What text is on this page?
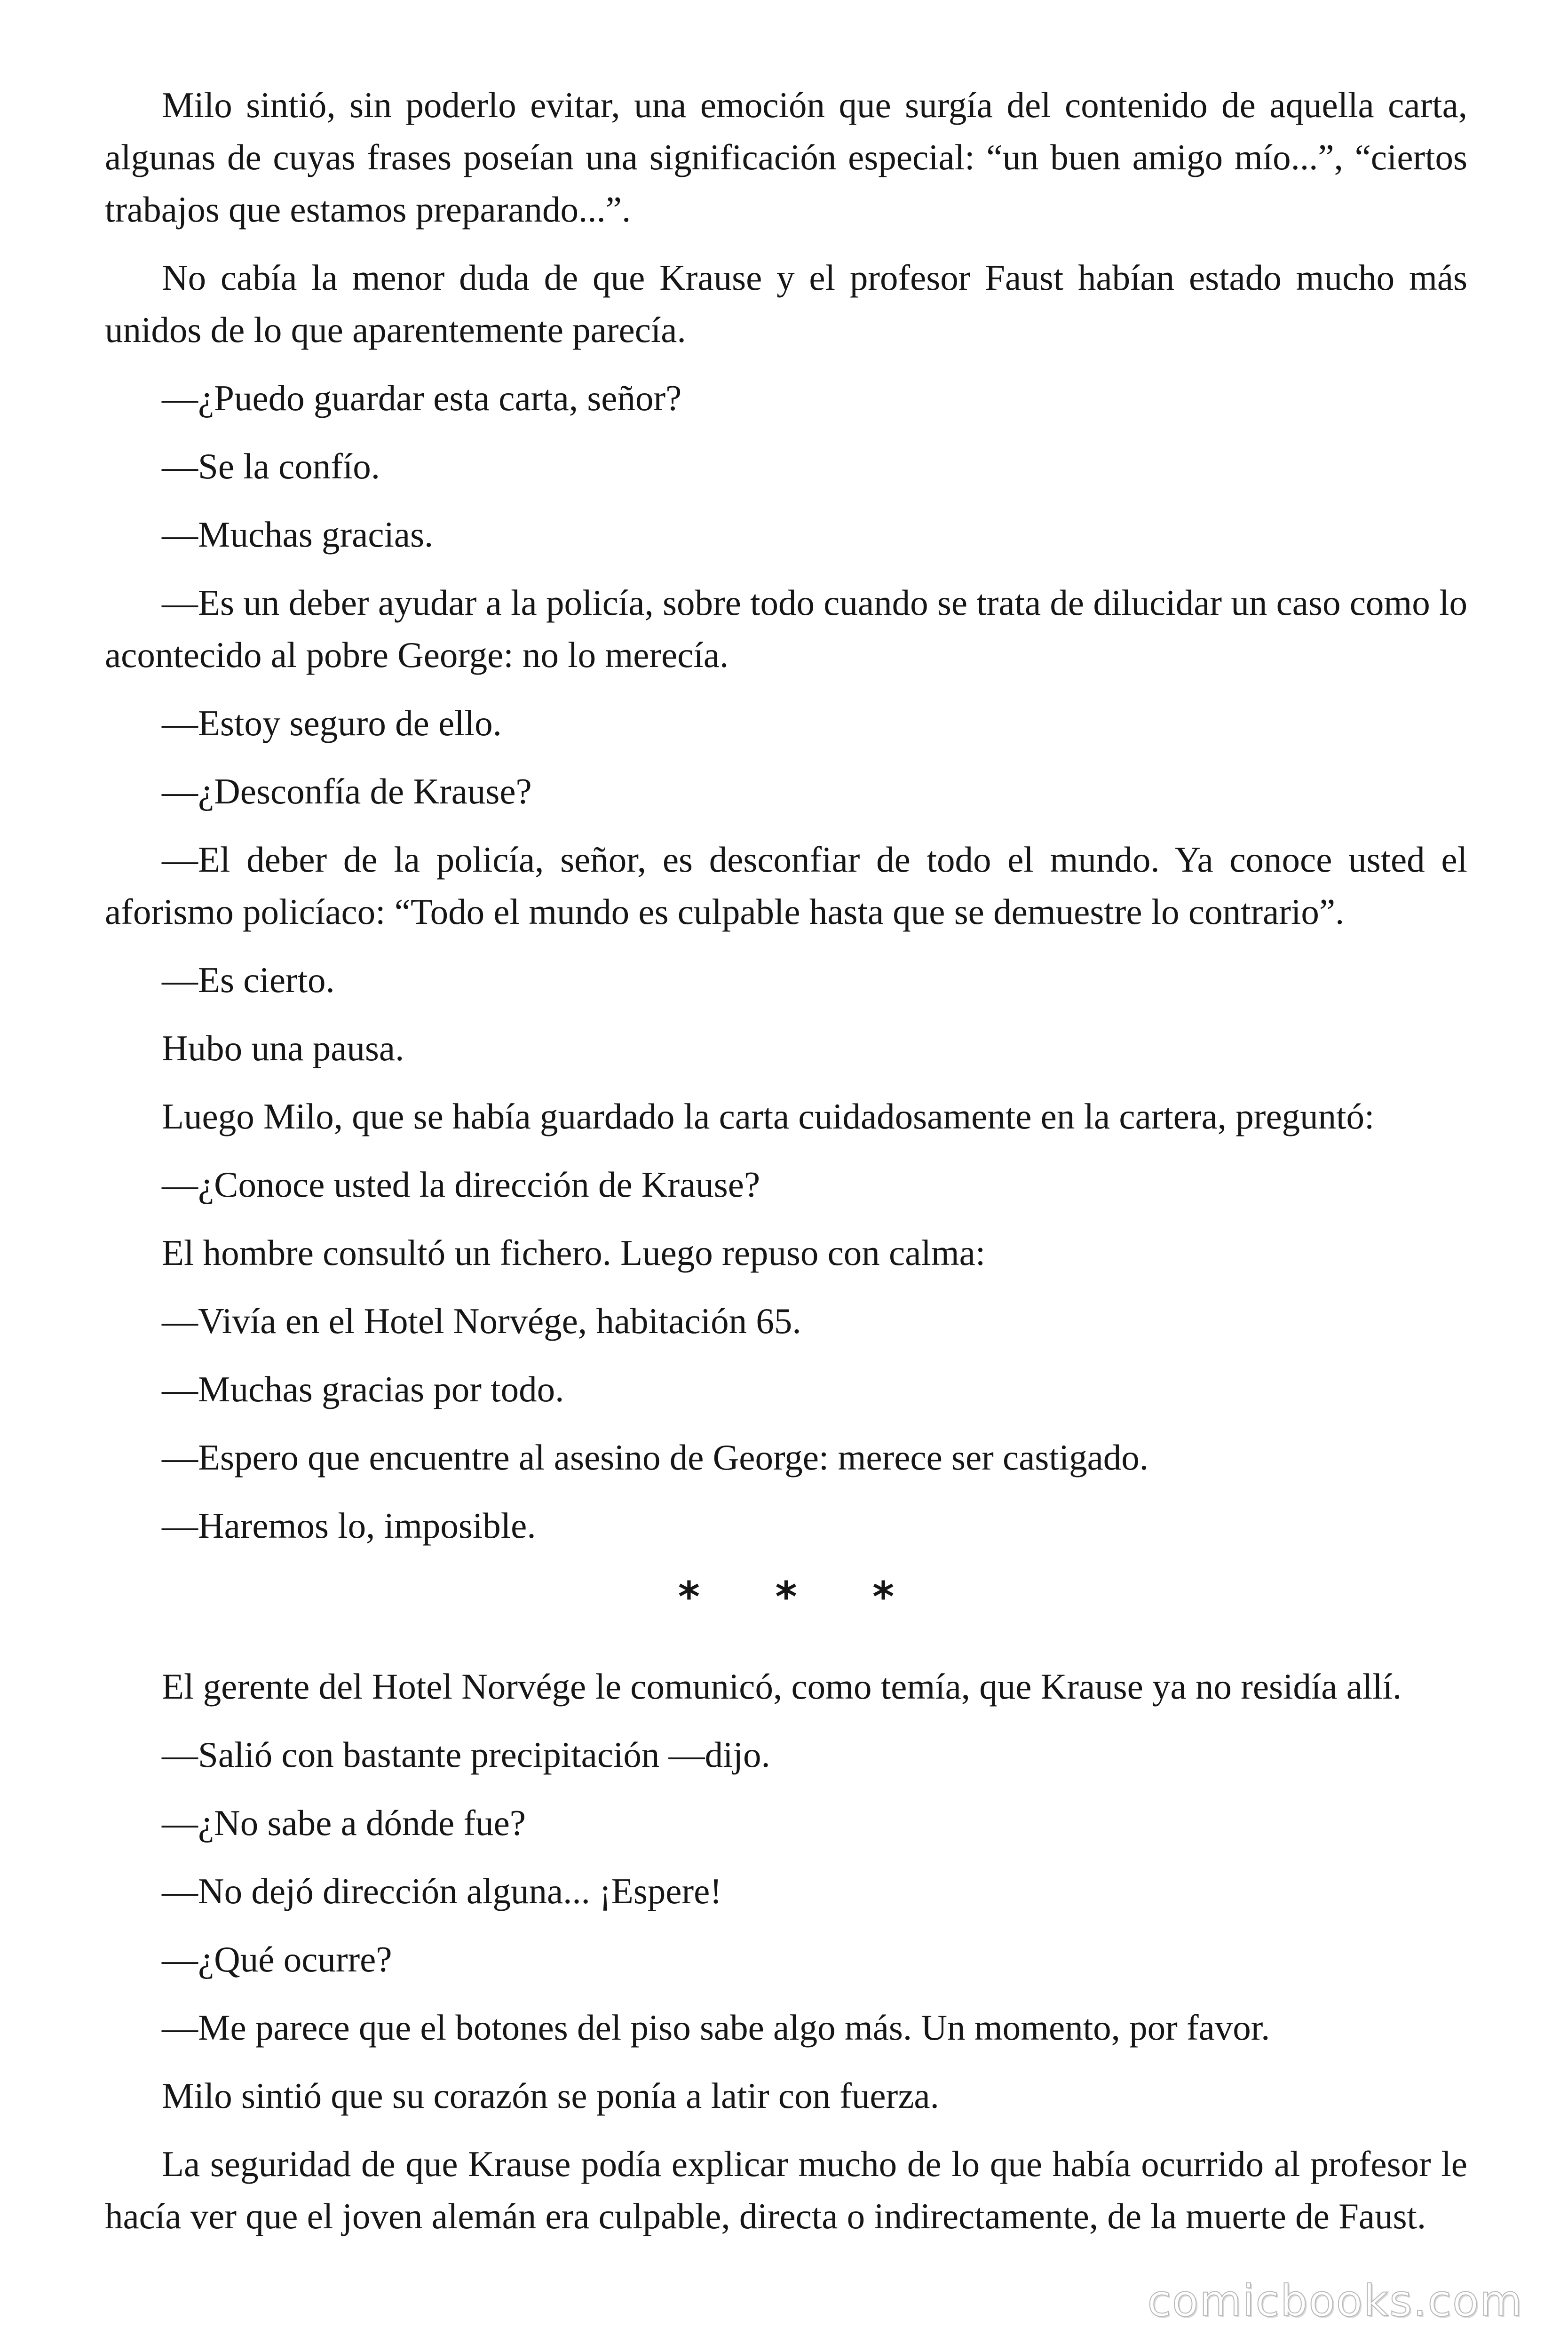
Milo sintió, sin poderlo evitar, una emoción que surgía del contenido de aquella carta, algunas de cuyas frases poseían una significación especial: “un buen amigo mío...”, “ciertos trabajos que estamos preparando...”.

No cabía la menor duda de que Krause y el profesor Faust habían estado mucho más unidos de lo que aparentemente parecía.

—¿Puedo guardar esta carta, señor?

—Se la confío.

—Muchas gracias.

—Es un deber ayudar a la policía, sobre todo cuando se trata de dilucidar un caso como lo acontecido al pobre George: no lo merecía.

—Estoy seguro de ello.

—¿Desconfía de Krause?

—El deber de la policía, señor, es desconfiar de todo el mundo. Ya conoce usted el aforismo policíaco: “Todo el mundo es culpable hasta que se demuestre lo contrario”.

—Es cierto.

Hubo una pausa.

Luego Milo, que se había guardado la carta cuidadosamente en la cartera, preguntó:

—¿Conoce usted la dirección de Krause?

El hombre consultó un fichero. Luego repuso con calma:

—Vivía en el Hotel Norvége, habitación 65.

—Muchas gracias por todo.

—Espero que encuentre al asesino de George: merece ser castigado.

—Haremos lo, imposible.

* * *

El gerente del Hotel Norvége le comunicó, como temía, que Krause ya no residía allí.

—Salió con bastante precipitación —dijo.

—¿No sabe a dónde fue?

—No dejó dirección alguna... ¡Espere!

—¿Qué ocurre?

—Me parece que el botones del piso sabe algo más. Un momento, por favor.

Milo sintió que su corazón se ponía a latir con fuerza.

La seguridad de que Krause podía explicar mucho de lo que había ocurrido al profesor le hacía ver que el joven alemán era culpable, directa o indirectamente, de la muerte de Faust.

comicbooks.com
